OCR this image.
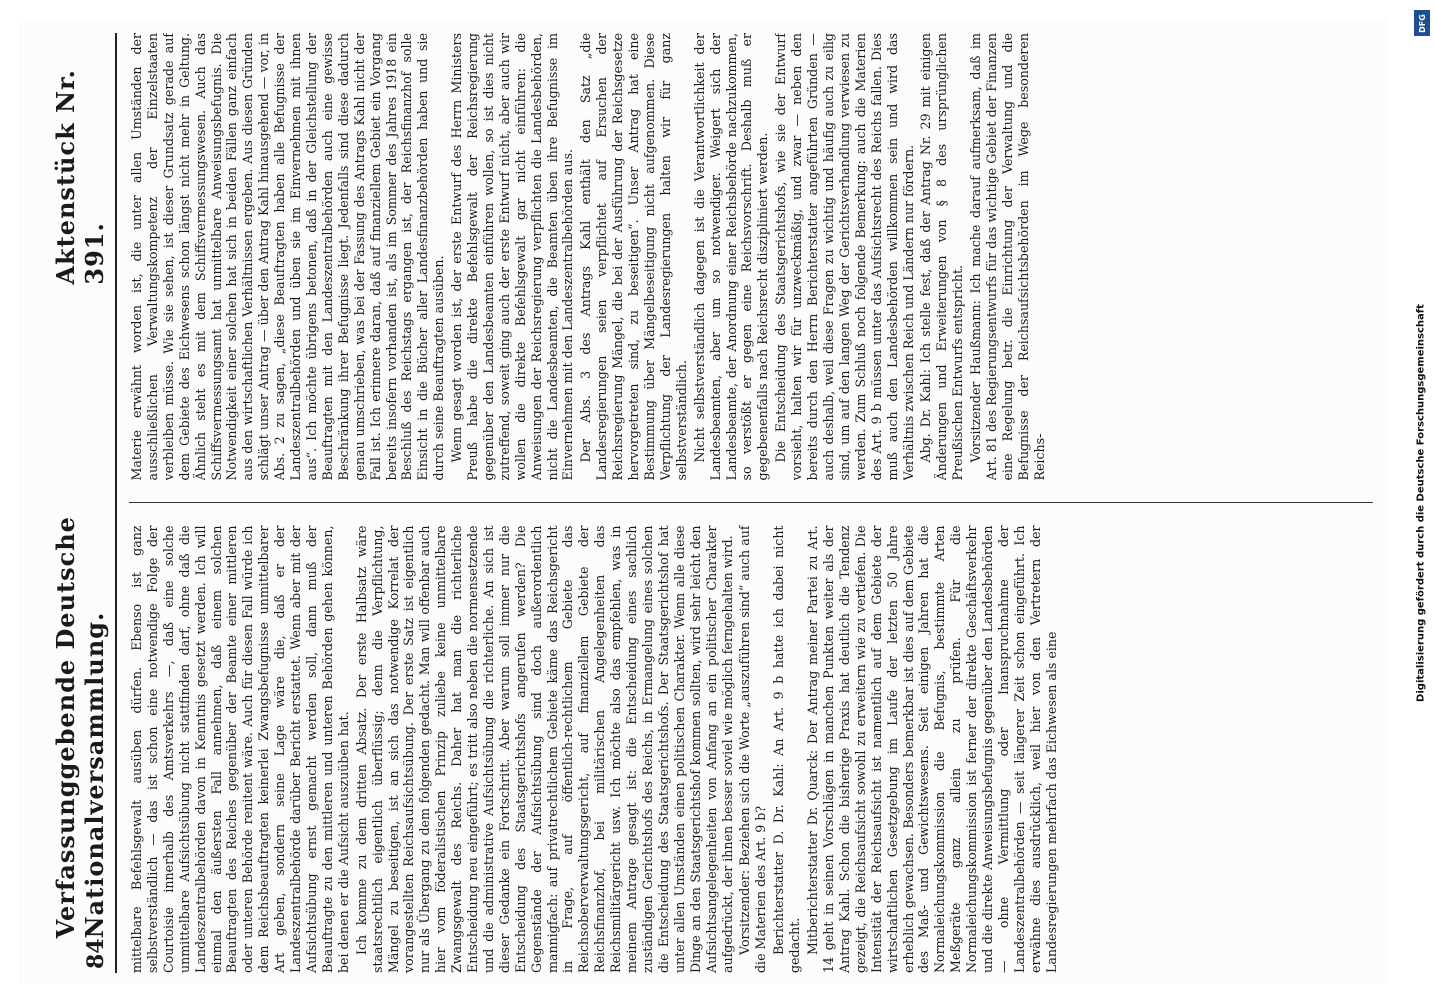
84
Verfassunggebende Deutsche Nationalversammlung.
Aktenstück Nr. 391.

mittelbare Befehlsgewalt ausüben dürfen. Ebenso ist ganz selbstverständlich — das ist schon eine notwendige Folge der Courtoisie innerhalb des Amtsverkehrs —, daß eine solche unmittelbare Aufsichtsübung nicht stattfinden darf, ohne daß die Landeszentralbehörden davon in Kenntnis gesetzt werden. Ich will einmal den äußersten Fall annehmen, daß einem solchen Beauftragten des Reiches gegenüber der Beamte einer mittleren oder unteren Behörde renitent wäre. Auch für diesen Fall würde ich dem Reichsbeauftragten keinerlei Zwangsbefugnisse unmittelbarer Art geben, sondern seine Lage wäre die, daß er der Landeszentralbehörde darüber Bericht erstattet. Wenn aber mit der Aufsichtsübung ernst gemacht werden soll, dann muß der Beauftragte zu den mittleren und unteren Behörden gehen können, bei denen er die Aufsicht auszuüben hat. Ich komme zu dem dritten Absatz. Der erste Halbsatz wäre staatsrechtlich eigentlich überflüssig; denn die Verpflichtung, Mängel zu beseitigen, ist an sich das notwendige Korrelat der vorangestellten Reichsaufsichtsübung. Der erste Satz ist eigentlich nur als Übergang zu dem folgenden gedacht. Man will offenbar auch hier vom föderalistischen Prinzip zuliebe keine unmittelbare Zwangsgewalt des Reichs. Daher hat man die richterliche Entscheidung neu eingeführt; es tritt also neben die normensetzende und die administrative Aufsichtsübung die richterliche. An sich ist dieser Gedanke ein Fortschritt. Aber warum soll immer nur die Entscheidung des Staatsgerichtshofs angerufen werden? Die Gegenstände der Aufsichtsübung sind doch außerordentlich mannigfach: auf privatrechtlichem Gebiete käme das Reichsgericht in Frage, auf öffentlich-rechtlichem Gebiete das Reichsoberverwaltungsgericht, auf finanziellem Gebiete der Reichsfinanzhof, bei militärischen Angelegenheiten das Reichsmilitärgericht usw. Ich möchte also das empfehlen, was in meinem Antrage gesagt ist: die Entscheidung eines sachlich zuständigen Gerichtshofs des Reichs, in Ermangelung eines solchen die Entscheidung des Staatsgerichtshofs. Der Staatsgerichtshof hat unter allen Umständen einen politischen Charakter. Wenn alle diese Dinge an den Staatsgerichtshof kommen sollten, wird sehr leicht den Aufsichtsangelegenheiten von Anfang an ein politischer Charakter aufgedrückt, der ihnen besser soviel wie möglich ferngehalten wird. Vorsitzender: Beziehen sich die Worte „auszuführen sind“ auch auf die Materien des Art. 9 b? Berichterstatter D. Dr. Kahl: An Art. 9 b hatte ich dabei nicht gedacht. Mitberichterstatter Dr. Quarck: Der Antrag meiner Partei zu Art. 14 geht in seinen Vorschlägen in manchen Punkten weiter als der Antrag Kahl. Schon die bisherige Praxis hat deutlich die Tendenz gezeigt, die Reichsaufsicht sowohl zu erweitern wie zu vertiefen. Die Intensität der Reichsaufsicht ist namentlich auf dem Gebiete der wirtschaftlichen Gesetzgebung im Laufe der letzten 50 Jahre erheblich gewachsen. Besonders bemerkbar ist dies auf dem Gebiete des Maß- und Gewichtswesens. Seit einigen Jahren hat die Normaleichungskommission die Befugnis, bestimmte Arten Meßgeräte ganz allein zu prüfen. Für die Normaleichungskommission ist ferner der direkte Geschäftsverkehr und die direkte Anweisungsbefugnis gegenüber den Landesbehörden — ohne Vermittlung oder Inanspruchnahme der Landeszentralbehörden — seit längerer Zeit schon eingeführt. Ich erwähne dies ausdrücklich, weil hier von den Vertretern der Landesregierungen mehrfach das Eichwesen als eine

Materie erwähnt worden ist, die unter allen Umständen der ausschließlichen Verwaltungskompetenz der Einzelstaaten verbleiben müsse. Wie sie sehen, ist dieser Grundsatz gerade auf dem Gebiete des Eichwesens schon längst nicht mehr in Geltung. Ähnlich steht es mit dem Schiffsvermessungswesen. Auch das Schiffsvermessungsamt hat unmittelbare Anweisungsbefugnis. Die Notwendigkeit einer solchen hat sich in beiden Fällen ganz einfach aus den wirtschaftlichen Verhältnissen ergeben. Aus diesen Gründen schlägt unser Antrag — über den Antrag Kahl hinausgehend — vor, in Abs. 2 zu sagen, „diese Beauftragten haben alle Befugnisse der Landeszentralbehörden und üben sie im Einvernehmen mit ihnen aus“. Ich möchte übrigens betonen, daß in der Gleichstellung der Beauftragten mit den Landeszentralbehörden auch eine gewisse Beschränkung ihrer Befugnisse liegt. Jedenfalls sind diese dadurch genau umschrieben, was bei der Fassung des Antrags Kahl nicht der Fall ist. Ich erinnere daran, daß auf finanziellem Gebiet ein Vorgang bereits insofern vorhanden ist, als im Sommer des Jahres 1918 ein Beschluß des Reichstags ergangen ist, der Reichsfinanzhof solle Einsicht in die Bücher aller Landesfinanzbehörden haben und sie durch seine Beauftragten ausüben. Wenn gesagt worden ist, der erste Entwurf des Herrn Ministers Preuß habe die direkte Befehlsgewalt der Reichsregierung gegenüber den Landesbeamten einführen wollen, so ist dies nicht zutreffend, soweit ging auch der erste Entwurf nicht, aber auch wir wollen die direkte Befehlsgewalt gar nicht einführen: die Anweisungen der Reichsregierung verpflichten die Landesbehörden, nicht die Landesbeamten, die Beamten üben ihre Befugnisse im Einvernehmen mit den Landeszentralbehörden aus. Der Abs. 3 des Antrags Kahl enthält den Satz „die Landesregierungen seien verpflichtet auf Ersuchen der Reichsregierung Mängel, die bei der Ausführung der Reichsgesetze hervorgetreten sind, zu beseitigen“. Unser Antrag hat eine Bestimmung über Mängelbeseitigung nicht aufgenommen. Diese Verpflichtung der Landesregierungen halten wir für ganz selbstverständlich. Nicht selbstverständlich dagegen ist die Verantwortlichkeit der Landesbeamten, aber um so notwendiger. Weigert sich der Landesbeamte, der Anordnung einer Reichsbehörde nachzukommen, so verstößt er gegen eine Reichsvorschrift. Deshalb muß er gegebenenfalls nach Reichsrecht diszipliniert werden. Die Entscheidung des Staatsgerichtshofs, wie sie der Entwurf vorsieht, halten wir für unzweckmäßig, und zwar — neben den bereits durch den Herrn Berichterstatter angeführten Gründen — auch deshalb, weil diese Fragen zu wichtig und häufig auch zu eilig sind, um auf den langen Weg der Gerichtsverhandlung verwiesen zu werden. Zum Schluß noch folgende Bemerkung: auch die Materien des Art. 9 b müssen unter das Aufsichtsrecht des Reichs fallen. Dies muß auch den Landesbehörden willkommen sein und wird das Verhältnis zwischen Reich und Ländern nur fördern. Abg. Dr. Kahl: Ich stelle fest, daß der Antrag Nr. 29 mit einigen Änderungen und Erweiterungen von § 8 des ursprünglichen Preußischen Entwurfs entspricht. Vorsitzender Haußmann: Ich mache darauf aufmerksam, daß im Art. 81 des Regierungsentwurfs für das wichtige Gebiet der Finanzen eine Regelung betr. die Einrichtung der Verwaltung und die Befugnisse der Reichsaufsichtsbehörden im Wege besonderen Reichs-	Digitalisierung gefördert durch die Deutsche Forschungsgemeinschaft
DFG
